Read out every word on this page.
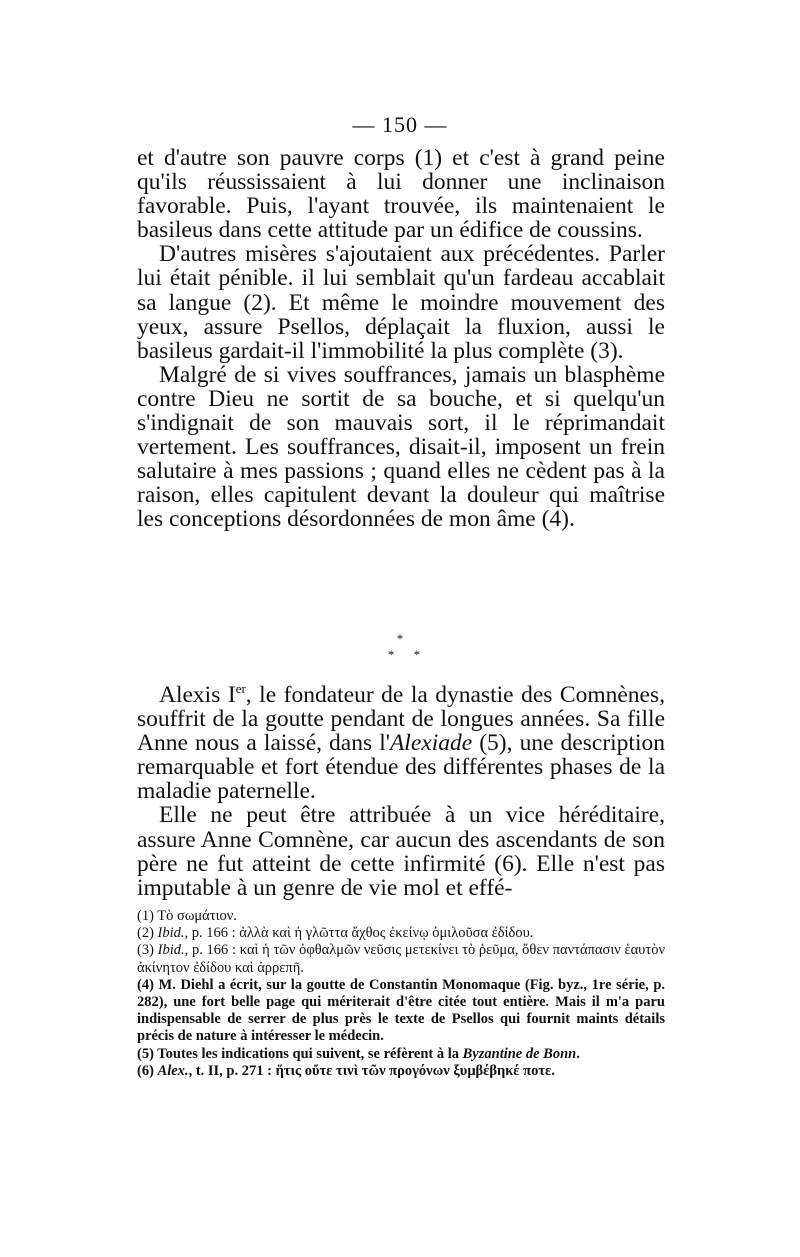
— 150 —

et d'autre son pauvre corps (1) et c'est à grand peine qu'ils réussissaient à lui donner une inclinaison favorable. Puis, l'ayant trouvée, ils maintenaient le basileus dans cette attitude par un édifice de coussins.

D'autres misères s'ajoutaient aux précédentes. Parler lui était pénible. il lui semblait qu'un fardeau accablait sa langue (2). Et même le moindre mouvement des yeux, assure Psellos, déplaçait la fluxion, aussi le basileus gardait-il l'immobilité la plus complète (3).

Malgré de si vives souffrances, jamais un blasphème contre Dieu ne sortit de sa bouche, et si quelqu'un s'indignait de son mauvais sort, il le réprimandait vertement. Les souffrances, disait-il, imposent un frein salutaire à mes passions ; quand elles ne cèdent pas à la raison, elles capitulent devant la douleur qui maîtrise les conceptions désordonnées de mon âme (4).

*
* *

Alexis Ier, le fondateur de la dynastie des Comnènes, souffrit de la goutte pendant de longues années. Sa fille Anne nous a laissé, dans l'Alexiade (5), une description remarquable et fort étendue des différentes phases de la maladie paternelle.

Elle ne peut être attribuée à un vice héréditaire, assure Anne Comnène, car aucun des ascendants de son père ne fut atteint de cette infirmité (6). Elle n'est pas imputable à un genre de vie mol et effé-

(1) Τὸ σωμάτιον.

(2) Ibid., p. 166 : ἀλλὰ καὶ ἡ γλῶττα ἄχθος ἐκείνῳ ὁμιλοῦσα ἐδίδου.

(3) Ibid., p. 166 : καὶ ἡ τῶν ὀφθαλμῶν νεῦσις μετεκίνει τὸ ῥεῦμα, ὅθεν παντάπασιν ἑαυτὸν ἀκίνητον ἐδίδου καὶ ἀρρεπῆ.

(4) M. Diehl a écrit, sur la goutte de Constantin Monomaque (Fig. byz., 1re série, p. 282), une fort belle page qui mériterait d'être citée tout entière. Mais il m'a paru indispensable de serrer de plus près le texte de Psellos qui fournit maints détails précis de nature à intéresser le médecin.

(5) Toutes les indications qui suivent, se réfèrent à la Byzantine de Bonn.

(6) Alex., t. II, p. 271 : ἥτις οὔτε τινὶ τῶν προγόνων ξυμβέβηκέ ποτε.
